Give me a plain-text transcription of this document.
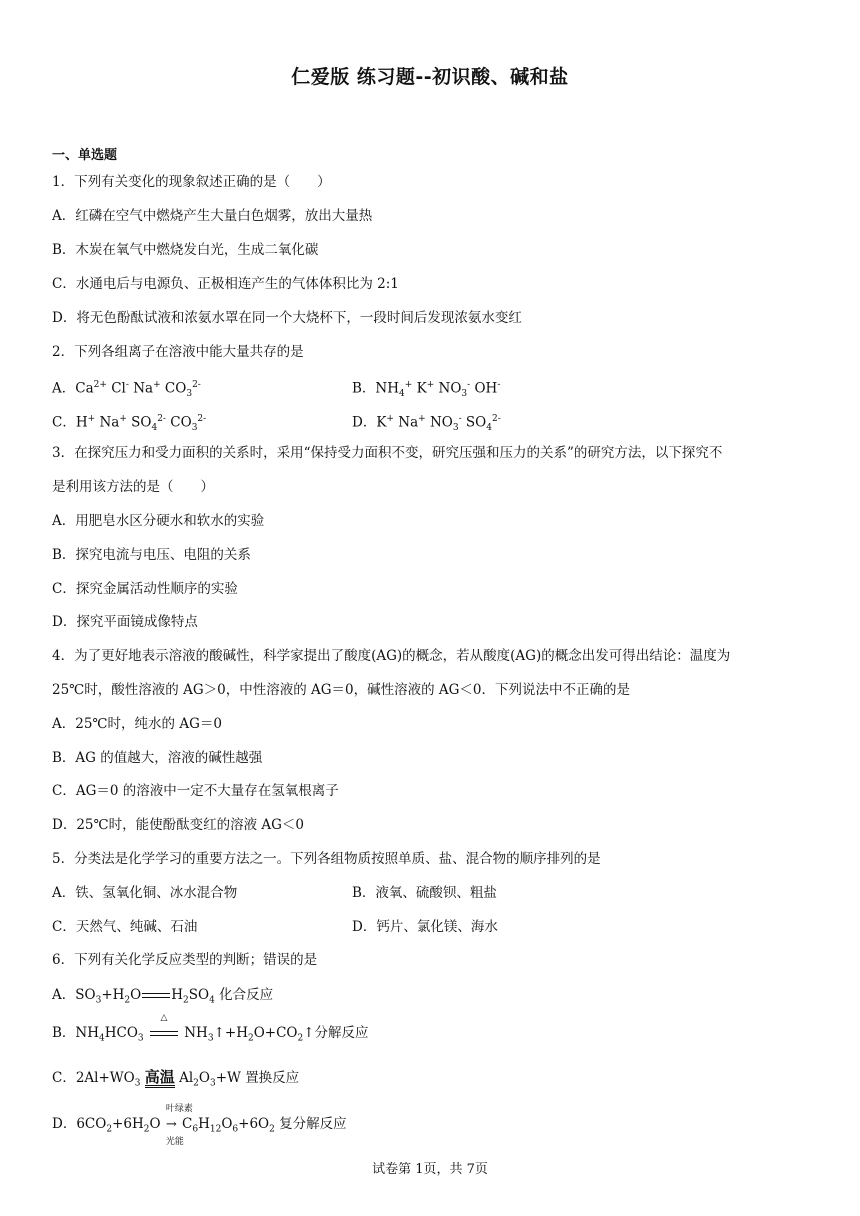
仁爱版 练习题--初识酸、碱和盐
一、单选题
1．下列有关变化的现象叙述正确的是（　　）
A．红磷在空气中燃烧产生大量白色烟雾，放出大量热
B．木炭在氧气中燃烧发白光，生成二氧化碳
C．水通电后与电源负、正极相连产生的气体体积比为 2:1
D．将无色酚酞试液和浓氨水罩在同一个大烧杯下，一段时间后发现浓氨水变红
2．下列各组离子在溶液中能大量共存的是
A．$Ca^{2+}$ Cl- Na+ $CO_3^{2-}$	B．$NH_4^+$ K+ $NO_3^-$ OH-
C．H+ Na+ $SO_4^{2-}$ $CO_3^{2-}$	D．K+ Na+ $NO_3^-$ $SO_4^{2-}$
3．在探究压力和受力面积的关系时，采用“保持受力面积不变，研究压强和压力的关系”的研究方法，以下探究不
是利用该方法的是（　　）
A．用肥皂水区分硬水和软水的实验
B．探究电流与电压、电阻的关系
C．探究金属活动性顺序的实验
D．探究平面镜成像特点
4．为了更好地表示溶液的酸碱性，科学家提出了酸度(AG)的概念，若从酸度(AG)的概念出发可得出结论：温度为
25℃时，酸性溶液的 AG＞0，中性溶液的 AG＝0，碱性溶液的 AG＜0．下列说法中不正确的是
A．25℃时，纯水的 AG＝0
B．AG 的值越大，溶液的碱性越强
C．AG＝0 的溶液中一定不大量存在氢氧根离子
D．25℃时，能使酚酞变红的溶液 AG＜0
5．分类法是化学学习的重要方法之一。下列各组物质按照单质、盐、混合物的顺序排列的是
A．铁、氢氧化铜、冰水混合物	B．液氧、硫酸钡、粗盐
C．天然气、纯碱、石油	D．钙片、氯化镁、海水
6．下列有关化学反应类型的判断；错误的是
A．$SO_3+H_2O$ $H_2SO_4$ 化合反应
B．$NH_4HCO_3$
△
$NH_3↑+H_2O+CO_2↑$分解反应
C．$2Al+WO_3$ 高温 $Al_2O_3+W$ 置换反应
D．$6CO_2+6H_2O$
叶绿素
→
光能
$C_6H_{12}O_6+6O_2$ 复分解反应
试卷第 1页，共 7页
